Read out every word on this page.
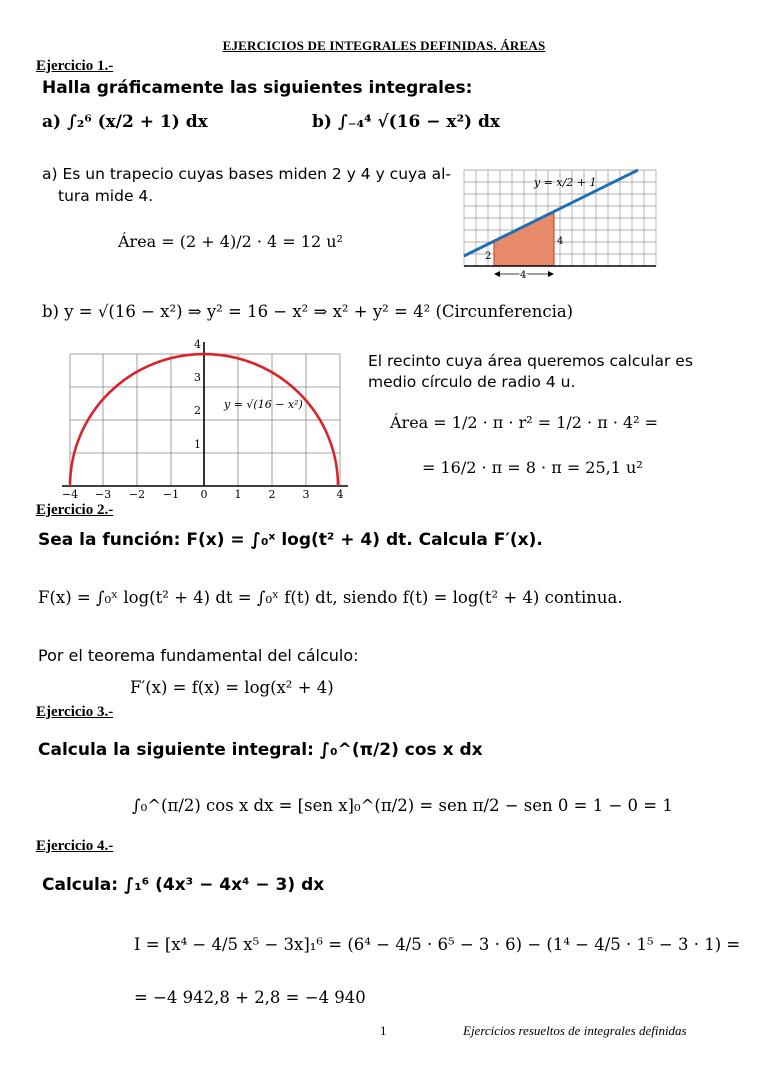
EJERCICIOS DE INTEGRALES DEFINIDAS. ÁREAS
Ejercicio 1.-
Halla gráficamente las siguientes integrales:
a) ∫₂⁶ (x/2 + 1) dx	b) ∫₋₄⁴ √(16 − x²) dx
a) Es un trapecio cuyas bases miden 2 y 4 y cuya al-
tura mide 4.
Área = (2 + 4)/2 · 4 = 12 u²
y = x/2 + 1
2
4
4
b) y = √(16 − x²) ⇒ y² = 16 − x² ⇒ x² + y² = 4² (Circunferencia)
y = √(16 − x²)
−4 −3 −2 −1 0 1 2 3 4
1
2
3
4
El recinto cuya área queremos calcular es
medio círculo de radio 4 u.
Área = 1/2 · π · r² = 1/2 · π · 4² =
= 16/2 · π = 8 · π = 25,1 u²
Ejercicio 2.-
Sea la función: F(x) = ∫₀ˣ log(t² + 4) dt. Calcula F′(x).
F(x) = ∫₀ˣ log(t² + 4) dt = ∫₀ˣ f(t) dt, siendo f(t) = log(t² + 4) continua.
Por el teorema fundamental del cálculo:
F′(x) = f(x) = log(x² + 4)
Ejercicio 3.-
Calcula la siguiente integral: ∫₀^(π/2) cos x dx
∫₀^(π/2) cos x dx = [sen x]₀^(π/2) = sen π/2 − sen 0 = 1 − 0 = 1
Ejercicio 4.-
Calcula: ∫₁⁶ (4x³ − 4x⁴ − 3) dx
I = [x⁴ − 4/5 x⁵ − 3x]₁⁶ = (6⁴ − 4/5 · 6⁵ − 3 · 6) − (1⁴ − 4/5 · 1⁵ − 3 · 1) =
= −4 942,8 + 2,8 = −4 940
1	Ejercicios resueltos de integrales definidas
